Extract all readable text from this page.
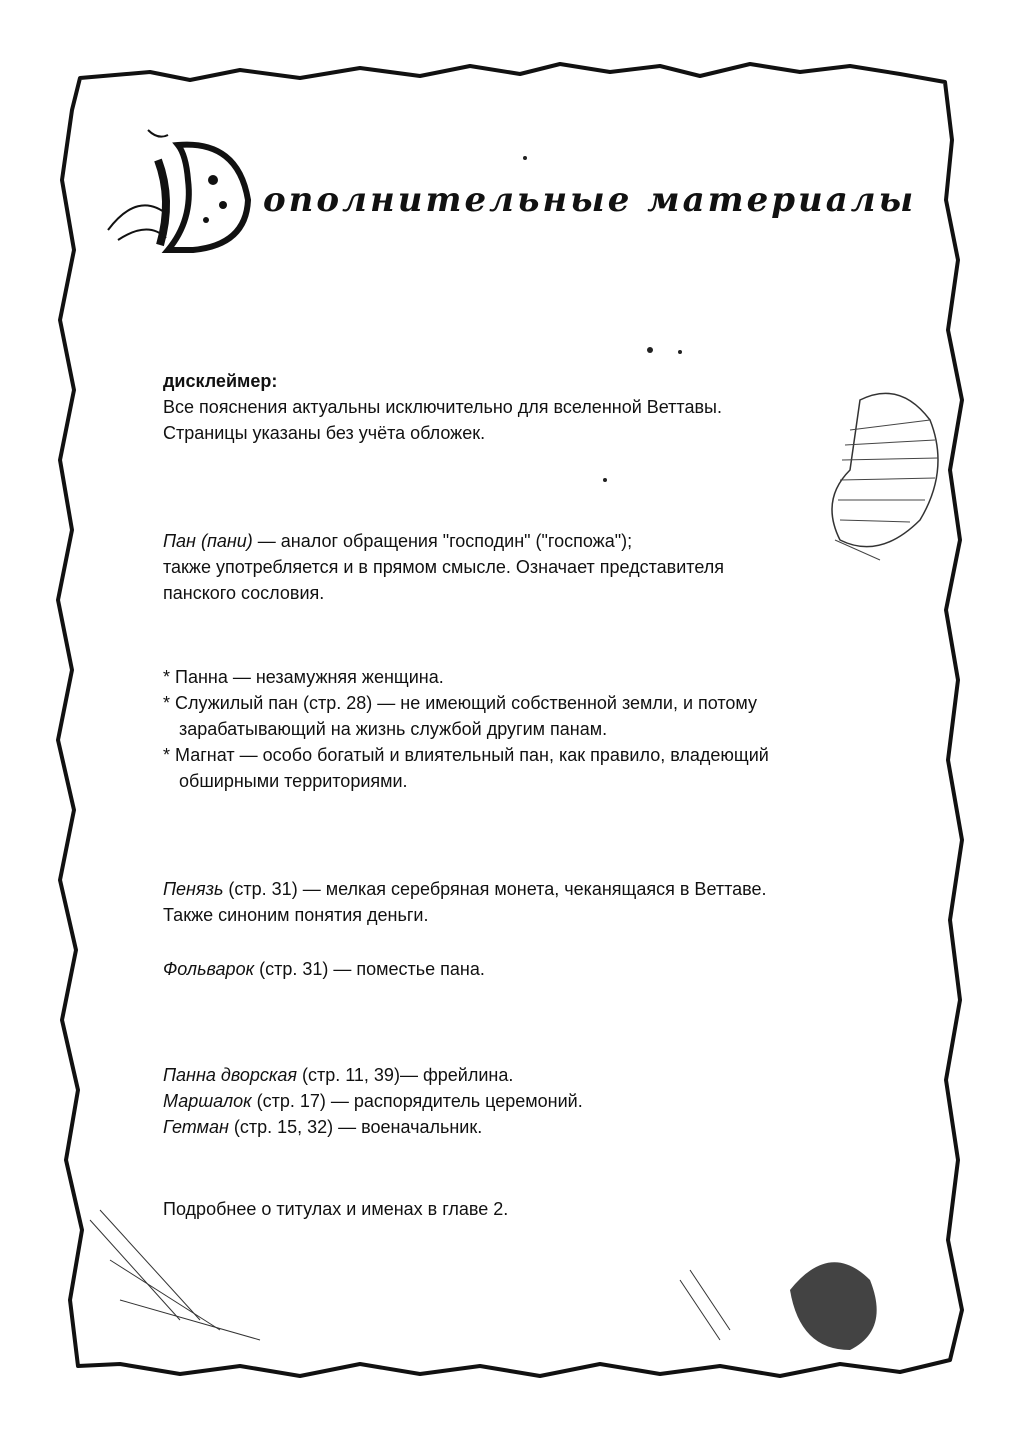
ополнительные материалы

дисклеймер:

Все пояснения актуальны исключительно для вселенной Веттавы.

Страницы указаны без учёта обложек.

Пан (пани) — аналог обращения "господин" ("госпожа");

также употребляется и в прямом смысле. Означает представителя

панского сословия.

* Панна — незамужняя женщина.

* Служилый пан (стр. 28) — не имеющий собственной земли, и потому

зарабатывающий на жизнь службой другим панам.

* Магнат — особо богатый и влиятельный пан, как правило, владеющий

обширными территориями.

Пенязь (стр. 31) — мелкая серебряная монета, чеканящаяся в Веттаве.

Также синоним понятия деньги.

Фольварок (стр. 31) — поместье пана.

Панна дворская (стр. 11, 39)— фрейлина.

Маршалок (стр. 17) — распорядитель церемоний.

Гетман (стр. 15, 32) — военачальник.

Подробнее о титулах и именах в главе 2.
